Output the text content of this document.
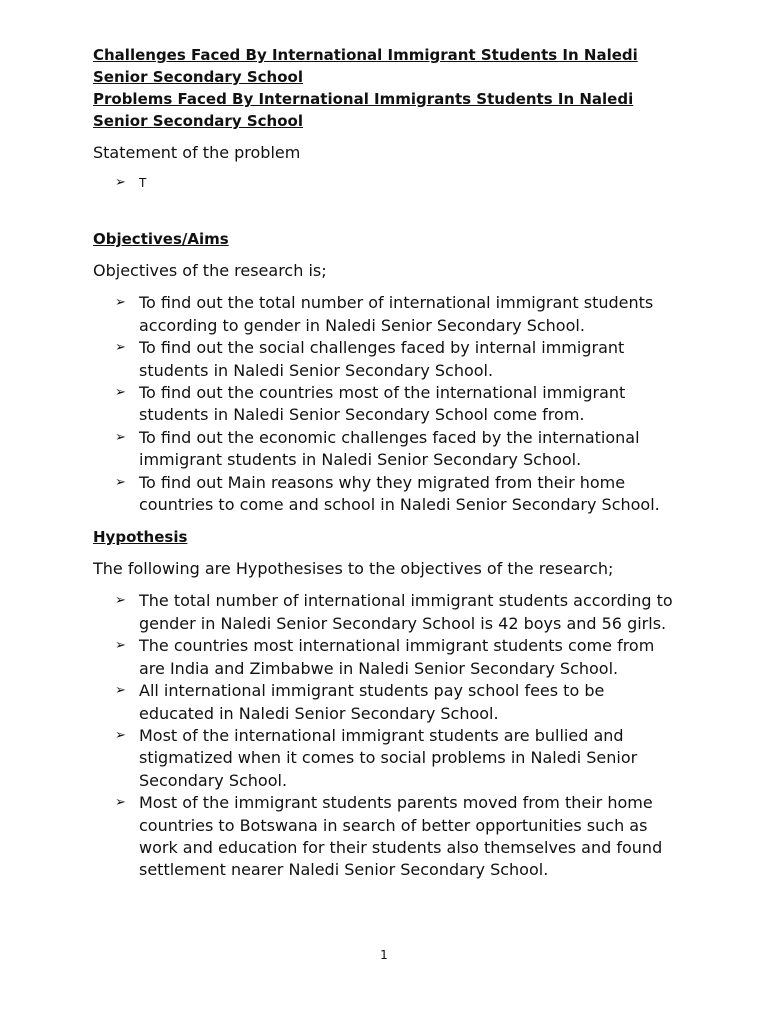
Challenges Faced By International Immigrant Students In Naledi Senior Secondary School

Problems Faced By International Immigrants Students In Naledi Senior Secondary School

Statement of the problem

➢ T

Objectives/Aims

Objectives of the research is;

➢ To find out the total number of international immigrant students according to gender in Naledi Senior Secondary School.
➢ To find out the social challenges faced by internal immigrant students in Naledi Senior Secondary School.
➢ To find out the countries most of the international immigrant students in Naledi Senior Secondary School come from.
➢ To find out the economic challenges faced by the international immigrant students in Naledi Senior Secondary School.
➢ To find out Main reasons why they migrated from their home countries to come and school in Naledi Senior Secondary School.

Hypothesis

The following are Hypothesises to the objectives of the research;

➢ The total number of international immigrant students according to gender in Naledi Senior Secondary School is 42 boys and 56 girls.
➢ The countries most international immigrant students come from are India and Zimbabwe in Naledi Senior Secondary School.
➢ All international immigrant students pay school fees to be educated in Naledi Senior Secondary School.
➢ Most of the international immigrant students are bullied and stigmatized when it comes to social problems in Naledi Senior Secondary School.
➢ Most of the immigrant students parents moved from their home countries to Botswana in search of better opportunities such as work and education for their students also themselves and found settlement nearer Naledi Senior Secondary School.
1
